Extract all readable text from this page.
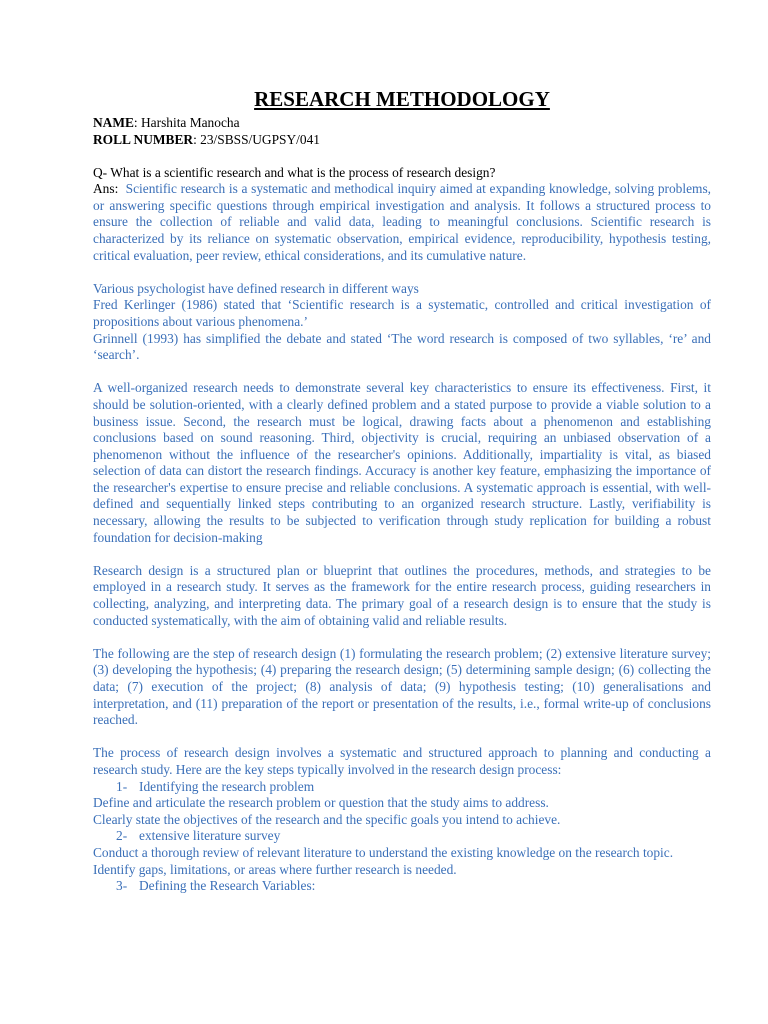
RESEARCH METHODOLOGY
NAME: Harshita Manocha
ROLL NUMBER: 23/SBSS/UGPSY/041

Q- What is a scientific research and what is the process of research design?

Ans: Scientific research is a systematic and methodical inquiry aimed at expanding knowledge, solving problems, or answering specific questions through empirical investigation and analysis. It follows a structured process to ensure the collection of reliable and valid data, leading to meaningful conclusions. Scientific research is characterized by its reliance on systematic observation, empirical evidence, reproducibility, hypothesis testing, critical evaluation, peer review, ethical considerations, and its cumulative nature.

Various psychologist have defined research in different ways

Fred Kerlinger (1986) stated that ‘Scientific research is a systematic, controlled and critical investigation of propositions about various phenomena.’

Grinnell (1993) has simplified the debate and stated ‘The word research is composed of two syllables, ‘re’ and ‘search’.

A well-organized research needs to demonstrate several key characteristics to ensure its effectiveness. First, it should be solution-oriented, with a clearly defined problem and a stated purpose to provide a viable solution to a business issue. Second, the research must be logical, drawing facts about a phenomenon and establishing conclusions based on sound reasoning. Third, objectivity is crucial, requiring an unbiased observation of a phenomenon without the influence of the researcher's opinions. Additionally, impartiality is vital, as biased selection of data can distort the research findings. Accuracy is another key feature, emphasizing the importance of the researcher's expertise to ensure precise and reliable conclusions. A systematic approach is essential, with well-defined and sequentially linked steps contributing to an organized research structure. Lastly, verifiability is necessary, allowing the results to be subjected to verification through study replication for building a robust foundation for decision-making

Research design is a structured plan or blueprint that outlines the procedures, methods, and strategies to be employed in a research study. It serves as the framework for the entire research process, guiding researchers in collecting, analyzing, and interpreting data. The primary goal of a research design is to ensure that the study is conducted systematically, with the aim of obtaining valid and reliable results.

The following are the step of research design (1) formulating the research problem; (2) extensive literature survey; (3) developing the hypothesis; (4) preparing the research design; (5) determining sample design; (6) collecting the data; (7) execution of the project; (8) analysis of data; (9) hypothesis testing; (10) generalisations and interpretation, and (11) preparation of the report or presentation of the results, i.e., formal write-up of conclusions reached.

The process of research design involves a systematic and structured approach to planning and conducting a research study. Here are the key steps typically involved in the research design process:

1- Identifying the research problem

Define and articulate the research problem or question that the study aims to address.

Clearly state the objectives of the research and the specific goals you intend to achieve.

2- extensive literature survey

Conduct a thorough review of relevant literature to understand the existing knowledge on the research topic.

Identify gaps, limitations, or areas where further research is needed.

3- Defining the Research Variables:
